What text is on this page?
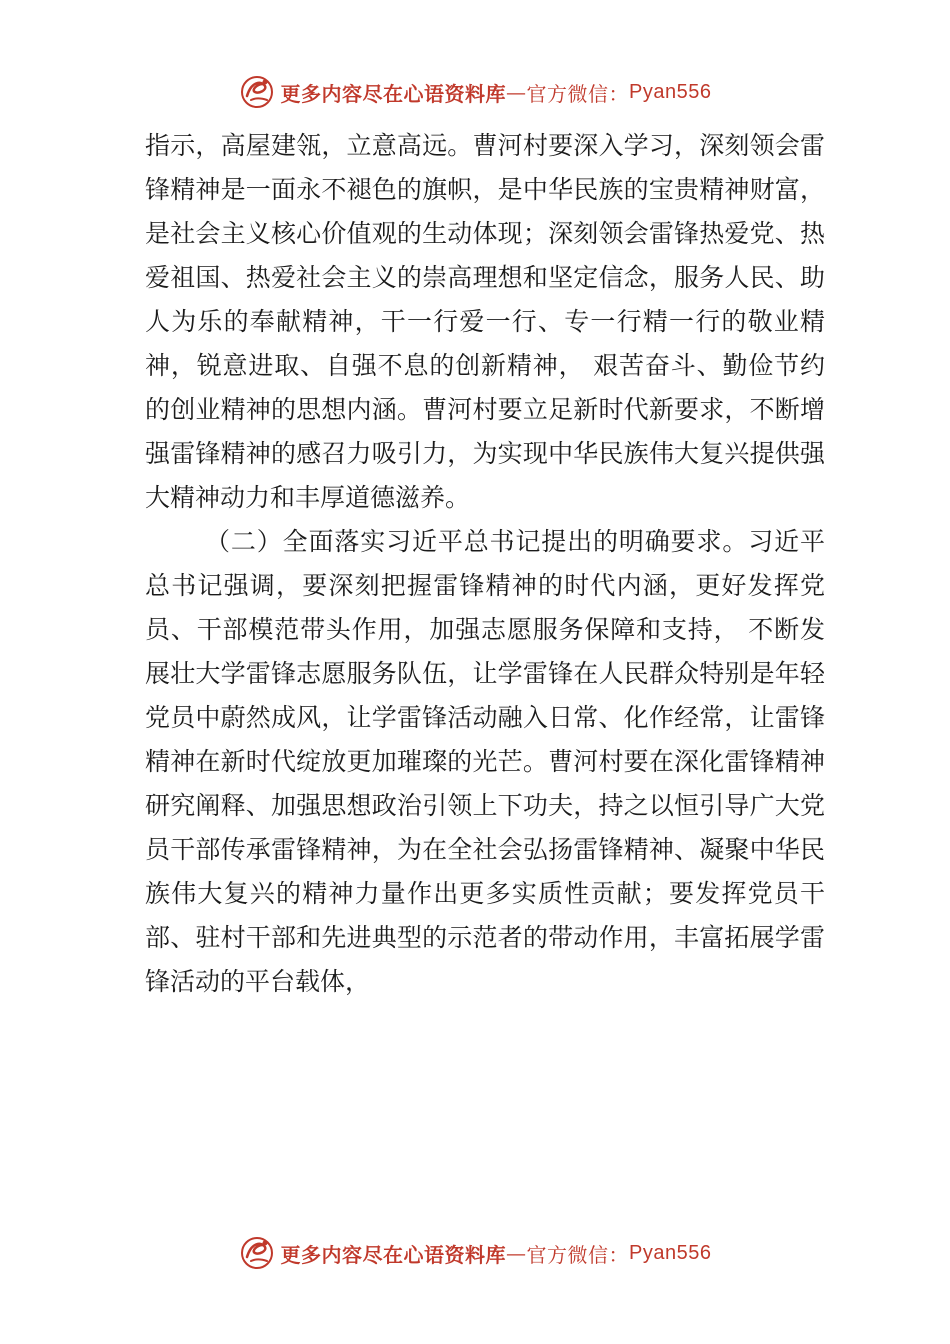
更多内容尽在心语资料库 — 官方微信： Pyan556

指示，高屋建瓴，立意高远。曹河村要深入学习，深刻领会雷锋精神是一面永不褪色的旗帜，是中华民族的宝贵精神财富，是社会主义核心价值观的生动体现；深刻领会雷锋热爱党、热爱祖国、热爱社会主义的崇高理想和坚定信念，服务人民、助人为乐的奉献精神，干一行爱一行、专一行精一行的敬业精神，锐意进取、自强不息的创新精神， 艰苦奋斗、勤俭节约的创业精神的思想内涵。曹河村要立足新时代新要求，不断增强雷锋精神的感召力吸引力，为实现中华民族伟大复兴提供强大精神动力和丰厚道德滋养。

（二）全面落实习近平总书记提出的明确要求。习近平总书记强调，要深刻把握雷锋精神的时代内涵，更好发挥党员、干部模范带头作用，加强志愿服务保障和支持， 不断发展壮大学雷锋志愿服务队伍，让学雷锋在人民群众特别是年轻党员中蔚然成风，让学雷锋活动融入日常、化作经常，让雷锋精神在新时代绽放更加璀璨的光芒。曹河村要在深化雷锋精神研究阐释、加强思想政治引领上下功夫，持之以恒引导广大党员干部传承雷锋精神，为在全社会弘扬雷锋精神、凝聚中华民族伟大复兴的精神力量作出更多实质性贡献；要发挥党员干部、驻村干部和先进典型的示范者的带动作用，丰富拓展学雷锋活动的平台载体，

更多内容尽在心语资料库 — 官方微信： Pyan556
